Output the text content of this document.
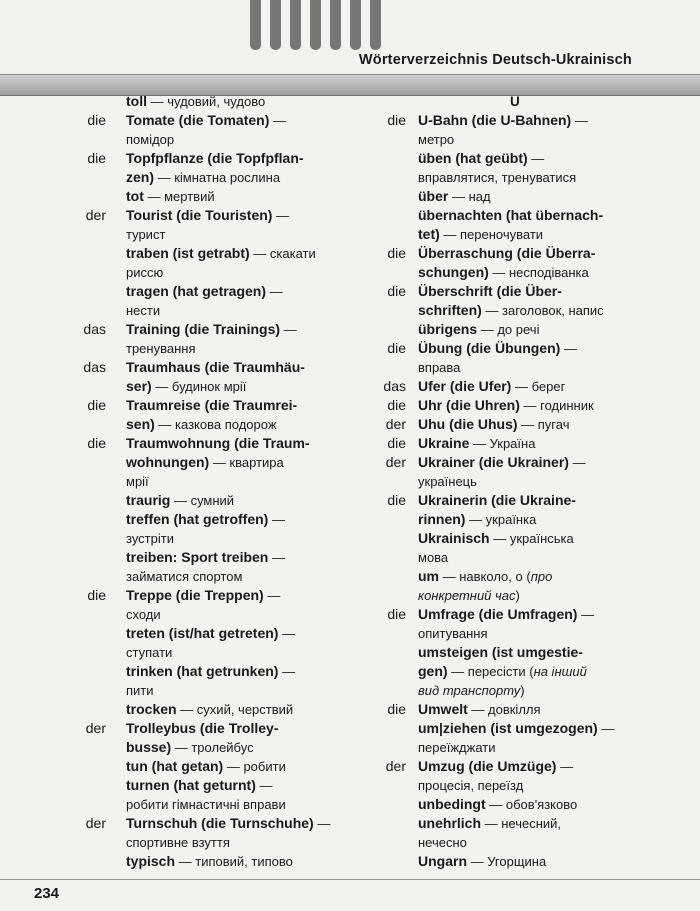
Wörterverzeichnis Deutsch-Ukrainisch
toll — чудовий, чудово
die Tomate (die Tomaten) —
помідор
die Topfpflanze (die Topfpflan-
zen) — кімнатна рослина
tot — мертвий
der Tourist (die Touristen) —
турист
traben (ist getrabt) — скакати
риссю
tragen (hat getragen) —
нести
das Training (die Trainings) —
тренування
das Traumhaus (die Traumhäu-
ser) — будинок мрії
die Traumreise (die Traumrei-
sen) — казкова подорож
die Traumwohnung (die Traum-
wohnungen) — квартира
мрії
traurig — сумний
treffen (hat getroffen) —
зустріти
treiben: Sport treiben —
займатися спортом
die Treppe (die Treppen) —
сходи
treten (ist/hat getreten) —
ступати
trinken (hat getrunken) —
пити
trocken — сухий, черствий
der Trolleybus (die Trolley-
busse) — тролейбус
tun (hat getan) — робити
turnen (hat geturnt) —
робити гімнастичні вправи
der Turnschuh (die Turnschuhe) —
спортивне взуття
typisch — типовий, типово
U
die U-Bahn (die U-Bahnen) —
метро
üben (hat geübt) —
вправлятися, тренуватися
über — над
übernachten (hat übernach-
tet) — переночувати
die Überraschung (die Überra-
schungen) — несподіванка
die Überschrift (die Über-
schriften) — заголовок, напис
übrigens — до речі
die Übung (die Übungen) —
вправа
das Ufer (die Ufer) — берег
die Uhr (die Uhren) — годинник
der Uhu (die Uhus) — пугач
die Ukraine — Україна
der Ukrainer (die Ukrainer) —
українець
die Ukrainerin (die Ukraine-
rinnen) — українка
Ukrainisch — українська
мова
um — навколо, о (про
конкретний час)
die Umfrage (die Umfragen) —
опитування
umsteigen (ist umgestie-
gen) — пересісти (на інший
вид транспорту)
die Umwelt — довкілля
um|ziehen (ist umgezogen) —
переїжджати
der Umzug (die Umzüge) —
процесія, переїзд
unbedingt — обов'язково
unehrlich — нечесний,
нечесно
Ungarn — Угорщина
234
